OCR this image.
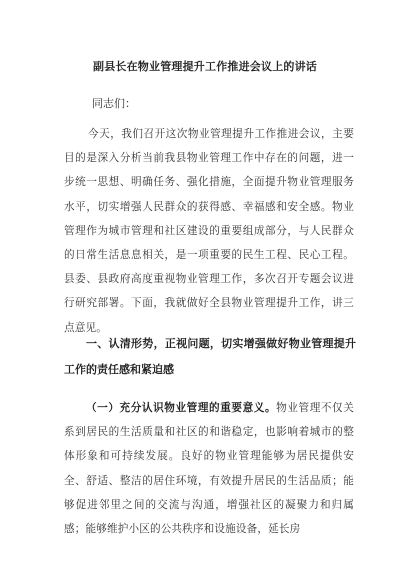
副县长在物业管理提升工作推进会议上的讲话
同志们：
今天，我们召开这次物业管理提升工作推进会议，主要目的是深入分析当前我县物业管理工作中存在的问题，进一步统一思想、明确任务、强化措施，全面提升物业管理服务水平，切实增强人民群众的获得感、幸福感和安全感。物业管理作为城市管理和社区建设的重要组成部分，与人民群众的日常生活息息相关，是一项重要的民生工程、民心工程。县委、县政府高度重视物业管理工作，多次召开专题会议进行研究部署。下面，我就做好全县物业管理提升工作，讲三点意见。
一、认清形势，正视问题，切实增强做好物业管理提升工作的责任感和紧迫感
（一）充分认识物业管理的重要意义。物业管理不仅关系到居民的生活质量和社区的和谐稳定，也影响着城市的整体形象和可持续发展。良好的物业管理能够为居民提供安全、舒适、整洁的居住环境，有效提升居民的生活品质；能够促进邻里之间的交流与沟通，增强社区的凝聚力和归属感；能够维护小区的公共秩序和设施设备，延长房
